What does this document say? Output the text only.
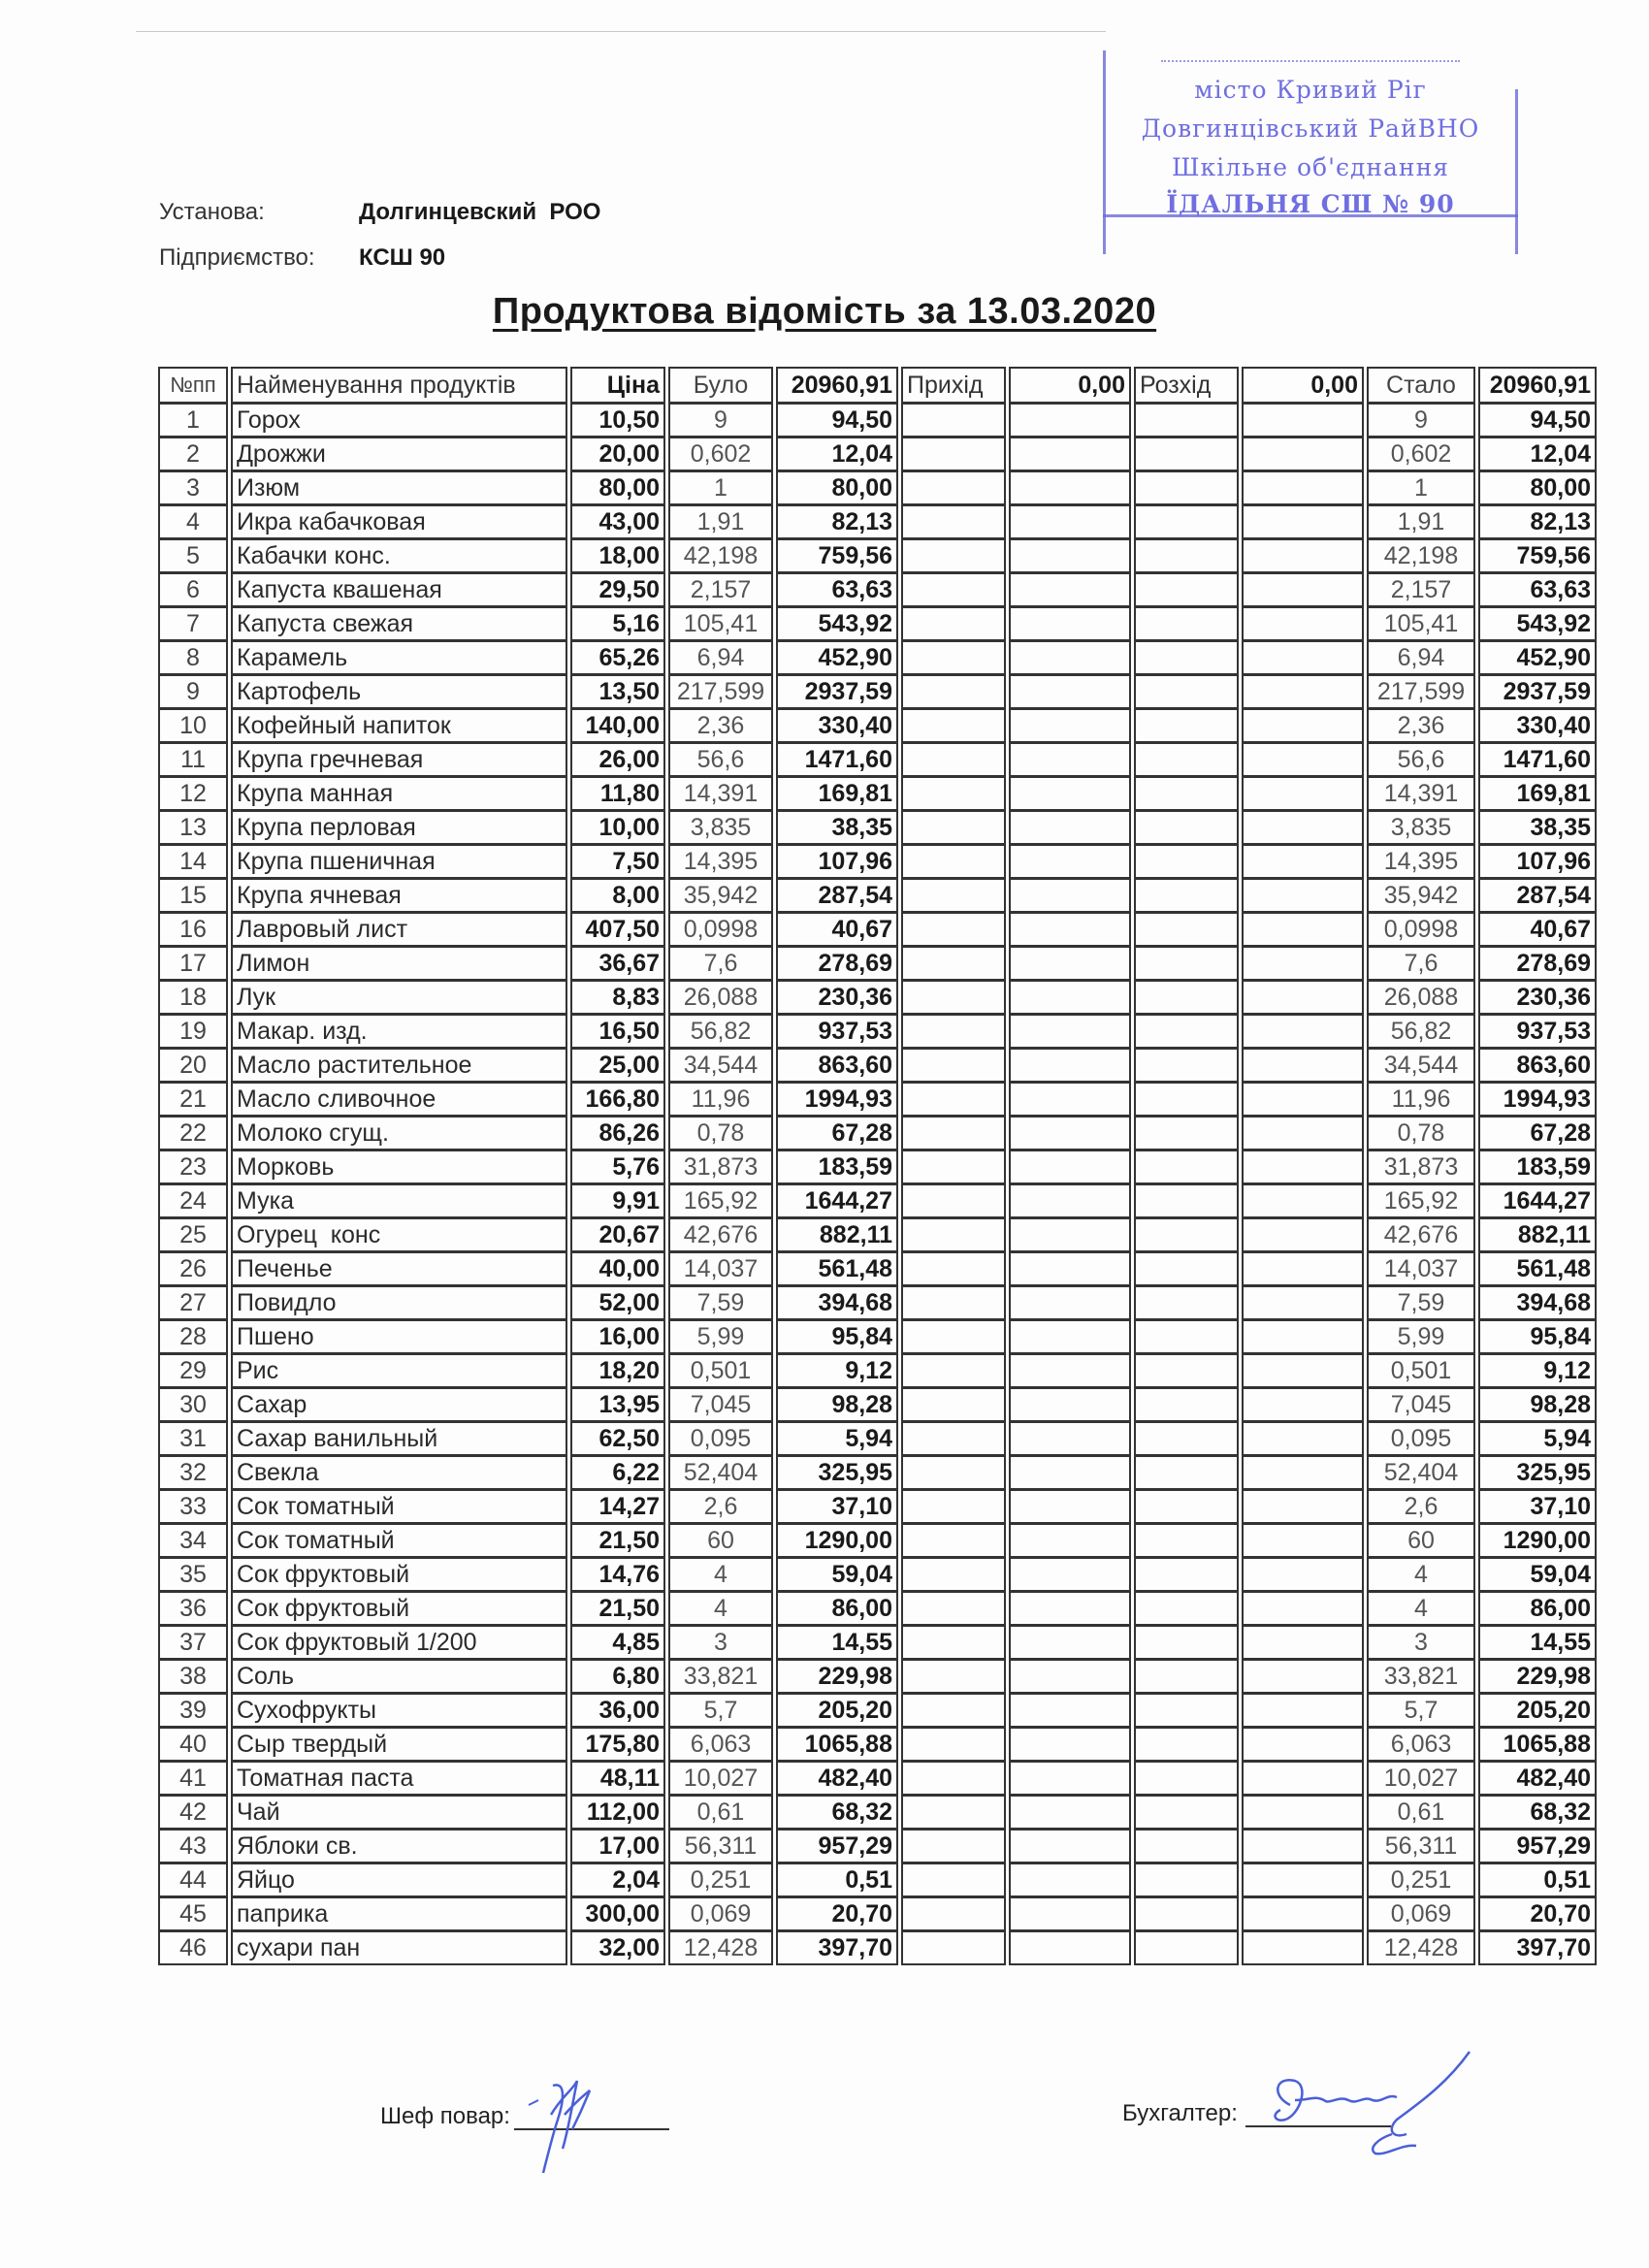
місто Кривий Ріг
Довгинцівський РайВНО
Шкільне об'єднання
ЇДАЛЬНЯ СШ № 90
Установа:	Долгинцевский  РОО
Підприємство: КСШ 90
Продуктова відомість за 13.03.2020
№пп	Найменування продуктів	Ціна	Було	20960,91	Прихід	0,00	Розхід	0,00	Стало	20960,91
1	Горох	10,50	9	94,50					9	94,50
2	Дрожжи	20,00	0,602	12,04					0,602	12,04
3	Изюм	80,00	1	80,00					1	80,00
4	Икра кабачковая	43,00	1,91	82,13					1,91	82,13
5	Кабачки конс.	18,00	42,198	759,56					42,198	759,56
6	Капуста квашеная	29,50	2,157	63,63					2,157	63,63
7	Капуста свежая	5,16	105,41	543,92					105,41	543,92
8	Карамель	65,26	6,94	452,90					6,94	452,90
9	Картофель	13,50	217,599	2937,59					217,599	2937,59
10	Кофейный напиток	140,00	2,36	330,40					2,36	330,40
11	Крупа гречневая	26,00	56,6	1471,60					56,6	1471,60
12	Крупа манная	11,80	14,391	169,81					14,391	169,81
13	Крупа перловая	10,00	3,835	38,35					3,835	38,35
14	Крупа пшеничная	7,50	14,395	107,96					14,395	107,96
15	Крупа ячневая	8,00	35,942	287,54					35,942	287,54
16	Лавровый лист	407,50	0,0998	40,67					0,0998	40,67
17	Лимон	36,67	7,6	278,69					7,6	278,69
18	Лук	8,83	26,088	230,36					26,088	230,36
19	Макар. изд.	16,50	56,82	937,53					56,82	937,53
20	Масло растительное	25,00	34,544	863,60					34,544	863,60
21	Масло сливочное	166,80	11,96	1994,93					11,96	1994,93
22	Молоко сгущ.	86,26	0,78	67,28					0,78	67,28
23	Морковь	5,76	31,873	183,59					31,873	183,59
24	Мука	9,91	165,92	1644,27					165,92	1644,27
25	Огурец  конс	20,67	42,676	882,11					42,676	882,11
26	Печенье	40,00	14,037	561,48					14,037	561,48
27	Повидло	52,00	7,59	394,68					7,59	394,68
28	Пшено	16,00	5,99	95,84					5,99	95,84
29	Рис	18,20	0,501	9,12					0,501	9,12
30	Сахар	13,95	7,045	98,28					7,045	98,28
31	Сахар ванильный	62,50	0,095	5,94					0,095	5,94
32	Свекла	6,22	52,404	325,95					52,404	325,95
33	Сок томатный	14,27	2,6	37,10					2,6	37,10
34	Сок томатный	21,50	60	1290,00					60	1290,00
35	Сок фруктовый	14,76	4	59,04					4	59,04
36	Сок фруктовый	21,50	4	86,00					4	86,00
37	Сок фруктовый 1/200	4,85	3	14,55					3	14,55
38	Соль	6,80	33,821	229,98					33,821	229,98
39	Сухофрукты	36,00	5,7	205,20					5,7	205,20
40	Сыр твердый	175,80	6,063	1065,88					6,063	1065,88
41	Томатная паста	48,11	10,027	482,40					10,027	482,40
42	Чай	112,00	0,61	68,32					0,61	68,32
43	Яблоки св.	17,00	56,311	957,29					56,311	957,29
44	Яйцо	2,04	0,251	0,51					0,251	0,51
45	паприка	300,00	0,069	20,70					0,069	20,70
46	сухари пан	32,00	12,428	397,70					12,428	397,70
Шеф повар:	Бухгалтер:
